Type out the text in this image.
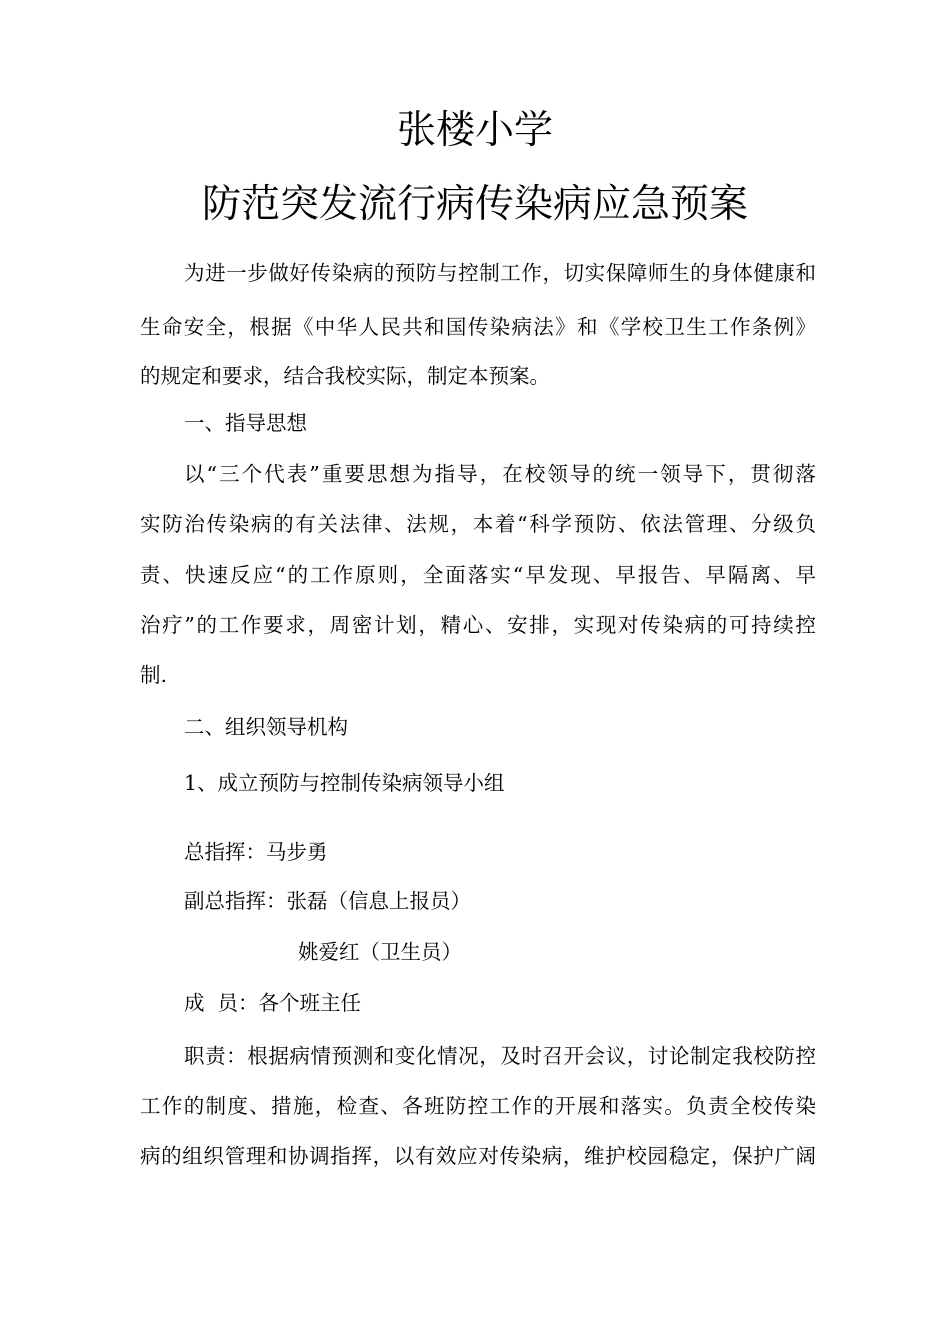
张楼小学
防范突发流行病传染病应急预案
为进一步做好传染病的预防与控制工作，切实保障师生的身体健康和
生命安全，根据《中华人民共和国传染病法》和《学校卫生工作条例》
的规定和要求，结合我校实际，制定本预案。
一、指导思想
以“三个代表”重要思想为指导，在校领导的统一领导下，贯彻落
实防治传染病的有关法律、法规，本着“科学预防、依法管理、分级负
责、快速反应“的工作原则，全面落实“早发现、早报告、早隔离、早
治疗”的工作要求，周密计划，精心、安排，实现对传染病的可持续控
制.
二、组织领导机构
1、成立预防与控制传染病领导小组
总指挥：马步勇
副总指挥：张磊（信息上报员）
姚爱红（卫生员）
成  员：各个班主任
职责：根据病情预测和变化情况，及时召开会议，讨论制定我校防控
工作的制度、措施，检查、各班防控工作的开展和落实。负责全校传染
病的组织管理和协调指挥，以有效应对传染病，维护校园稳定，保护广阔
